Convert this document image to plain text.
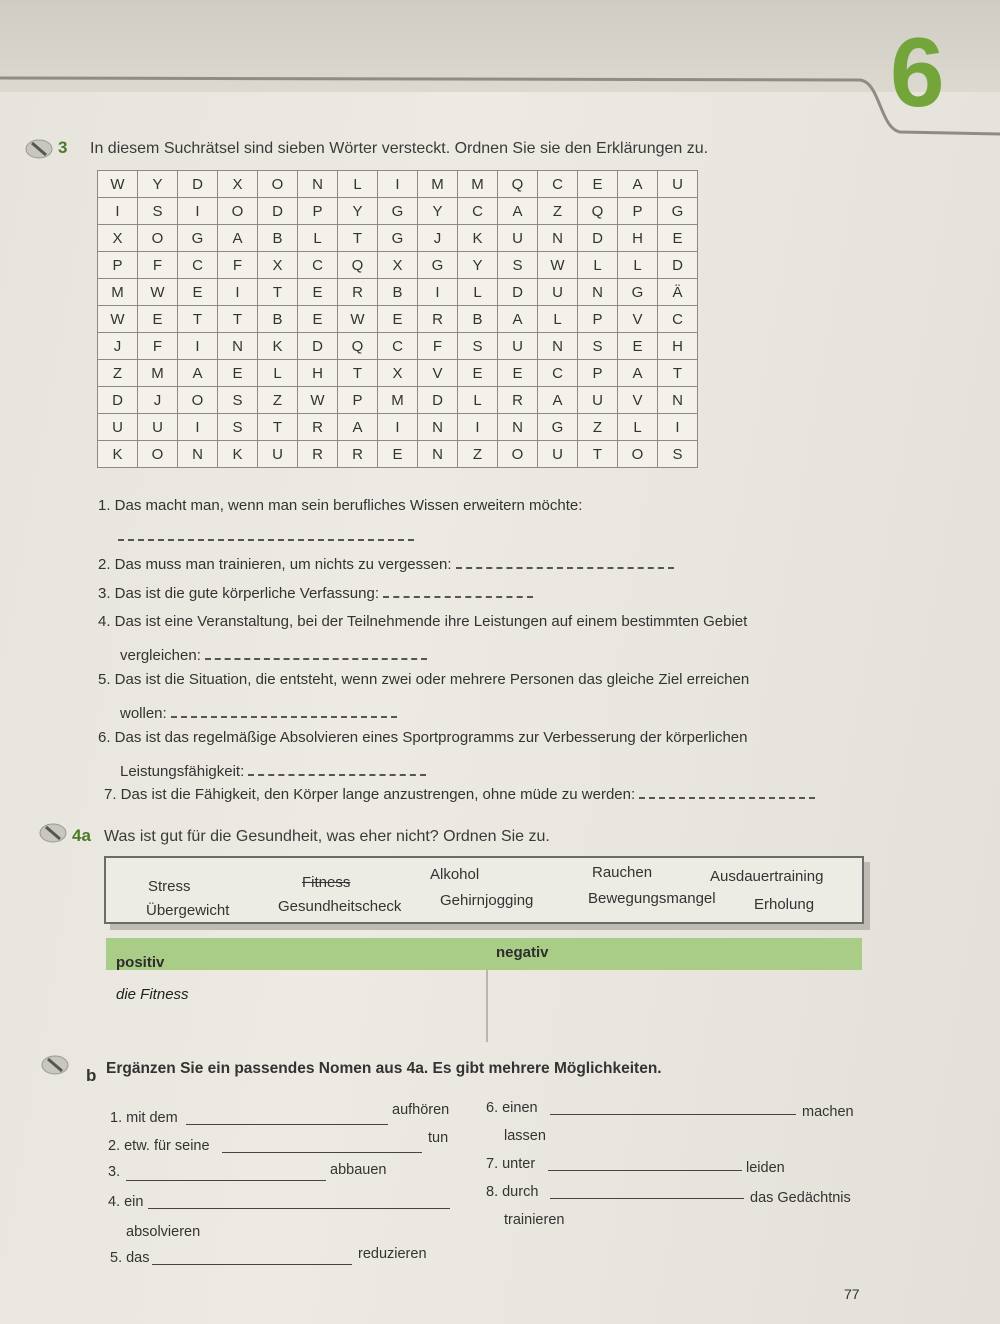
6
3 In diesem Suchrätsel sind sieben Wörter versteckt. Ordnen Sie sie den Erklärungen zu.
W	Y	D	X	O	N	L	I	M	M	Q	C	E	A	U
I	S	I	O	D	P	Y	G	Y	C	A	Z	Q	P	G
X	O	G	A	B	L	T	G	J	K	U	N	D	H	E
P	F	C	F	X	C	Q	X	G	Y	S	W	L	L	D
M	W	E	I	T	E	R	B	I	L	D	U	N	G	Ä
W	E	T	T	B	E	W	E	R	B	A	L	P	V	C
J	F	I	N	K	D	Q	C	F	S	U	N	S	E	H
Z	M	A	E	L	H	T	X	V	E	E	C	P	A	T
D	J	O	S	Z	W	P	M	D	L	R	A	U	V	N
U	U	I	S	T	R	A	I	N	I	N	G	Z	L	I
K	O	N	K	U	R	R	E	N	Z	O	U	T	O	S
1. Das macht man, wenn man sein berufliches Wissen erweitern möchte:
2. Das muss man trainieren, um nichts zu vergessen:
3. Das ist die gute körperliche Verfassung:
4. Das ist eine Veranstaltung, bei der Teilnehmende ihre Leistungen auf einem bestimmten Gebiet
vergleichen:
5. Das ist die Situation, die entsteht, wenn zwei oder mehrere Personen das gleiche Ziel erreichen
wollen:
6. Das ist das regelmäßige Absolvieren eines Sportprogramms zur Verbesserung der körperlichen
Leistungsfähigkeit:
7. Das ist die Fähigkeit, den Körper lange anzustrengen, ohne müde zu werden:
4a Was ist gut für die Gesundheit, was eher nicht? Ordnen Sie zu.
Stress	Fitness	Alkohol	Rauchen	Ausdauertraining
Übergewicht	Gesundheitscheck	Gehirnjogging	Bewegungsmangel	Erholung
positiv
negativ
die Fitness
b Ergänzen Sie ein passendes Nomen aus 4a. Es gibt mehrere Möglichkeiten.
1. mit dem	aufhören
2. etw. für seine	tun
3.	abbauen
4. ein
absolvieren
5. das	reduzieren
6. einen	machen
lassen
7. unter	leiden
8. durch	das Gedächtnis
trainieren
77
